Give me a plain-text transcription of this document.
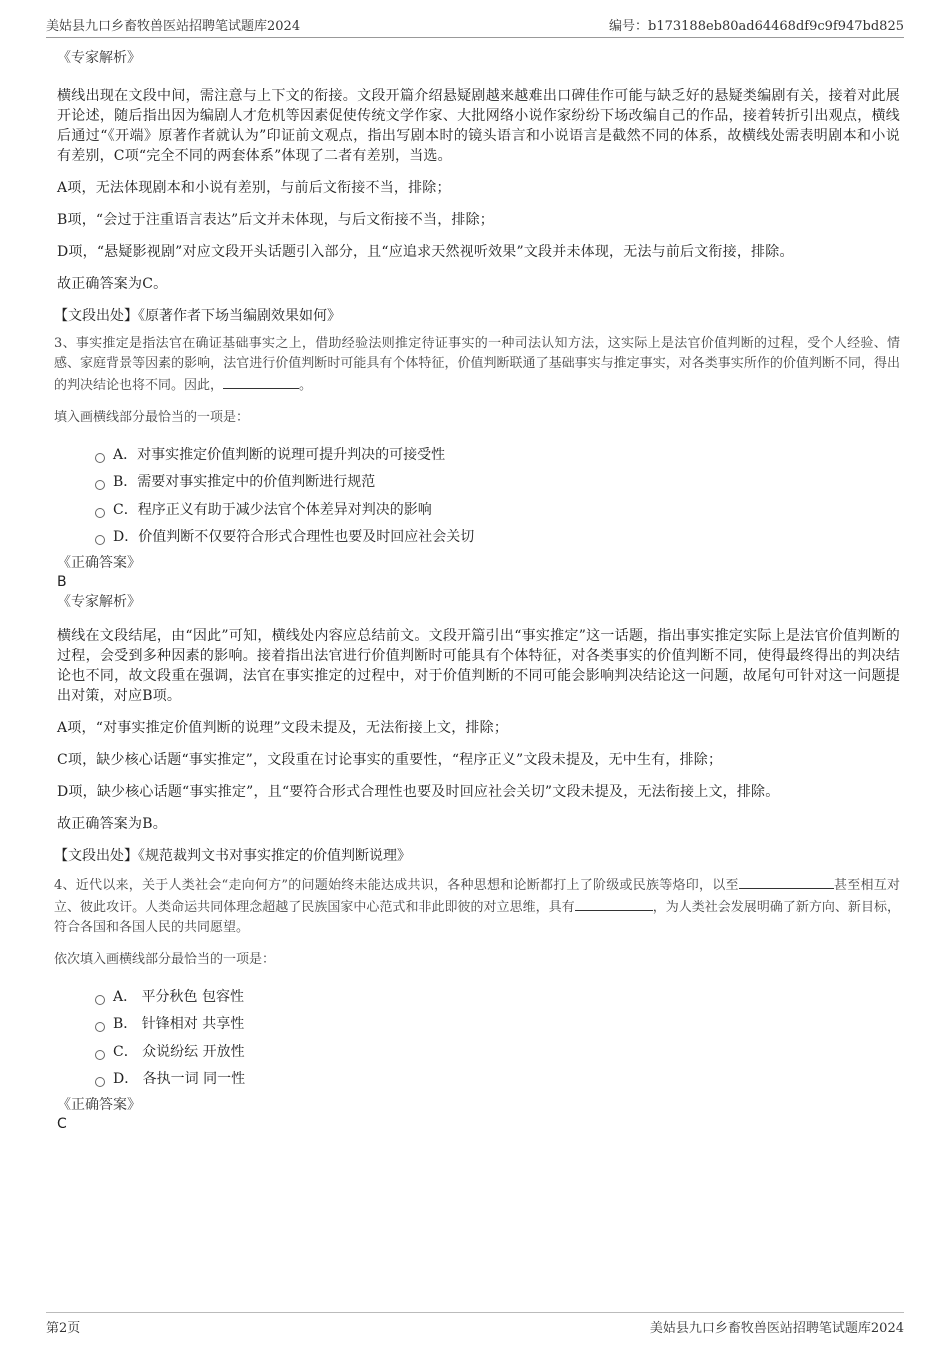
美姑县九口乡畜牧兽医站招聘笔试题库2024	编号：b173188eb80ad64468df9c9f947bd825

《专家解析》

横线出现在文段中间，需注意与上下文的衔接。文段开篇介绍悬疑剧越来越难出口碑佳作可能与缺乏好的悬疑类编剧有关，接着对此展开论述，随后指出因为编剧人才危机等因素促使传统文学作家、大批网络小说作家纷纷下场改编自己的作品，接着转折引出观点，横线后通过“《开端》原著作者就认为”印证前文观点，指出写剧本时的镜头语言和小说语言是截然不同的体系，故横线处需表明剧本和小说有差别，C项“完全不同的两套体系”体现了二者有差别，当选。

A项，无法体现剧本和小说有差别，与前后文衔接不当，排除；

B项，“会过于注重语言表达”后文并未体现，与后文衔接不当，排除；

D项，“悬疑影视剧”对应文段开头话题引入部分，且“应追求天然视听效果”文段并未体现，无法与前后文衔接，排除。

故正确答案为C。

【文段出处】《原著作者下场当编剧效果如何》

3、事实推定是指法官在确证基础事实之上，借助经验法则推定待证事实的一种司法认知方法，这实际上是法官价值判断的过程，受个人经验、情感、家庭背景等因素的影响，法官进行价值判断时可能具有个体特征，价值判断联通了基础事实与推定事实，对各类事实所作的价值判断不同，得出的判决结论也将不同。因此，	。

填入画横线部分最恰当的一项是：

A．对事实推定价值判断的说理可提升判决的可接受性
B．需要对事实推定中的价值判断进行规范
C．程序正义有助于减少法官个体差异对判决的影响
D．价值判断不仅要符合形式合理性也要及时回应社会关切

《正确答案》

B

《专家解析》

横线在文段结尾，由“因此”可知，横线处内容应总结前文。文段开篇引出“事实推定”这一话题，指出事实推定实际上是法官价值判断的过程，会受到多种因素的影响。接着指出法官进行价值判断时可能具有个体特征，对各类事实的价值判断不同，使得最终得出的判决结论也不同，故文段重在强调，法官在事实推定的过程中，对于价值判断的不同可能会影响判决结论这一问题，故尾句可针对这一问题提出对策，对应B项。

A项，“对事实推定价值判断的说理”文段未提及，无法衔接上文，排除；

C项，缺少核心话题“事实推定”，文段重在讨论事实的重要性，“程序正义”文段未提及，无中生有，排除；

D项，缺少核心话题“事实推定”，且“要符合形式合理性也要及时回应社会关切”文段未提及，无法衔接上文，排除。

故正确答案为B。

【文段出处】《规范裁判文书对事实推定的价值判断说理》

4、近代以来，关于人类社会“走向何方”的问题始终未能达成共识，各种思想和论断都打上了阶级或民族等烙印，以至	甚至相互对立、彼此攻讦。人类命运共同体理念超越了民族国家中心范式和非此即彼的对立思维，具有	，为人类社会发展明确了新方向、新目标，符合各国和各国人民的共同愿望。

依次填入画横线部分最恰当的一项是：

A． 平分秋色 包容性
B． 针锋相对 共享性
C． 众说纷纭 开放性
D． 各执一词 同一性

《正确答案》

C

第2页	美姑县九口乡畜牧兽医站招聘笔试题库2024
